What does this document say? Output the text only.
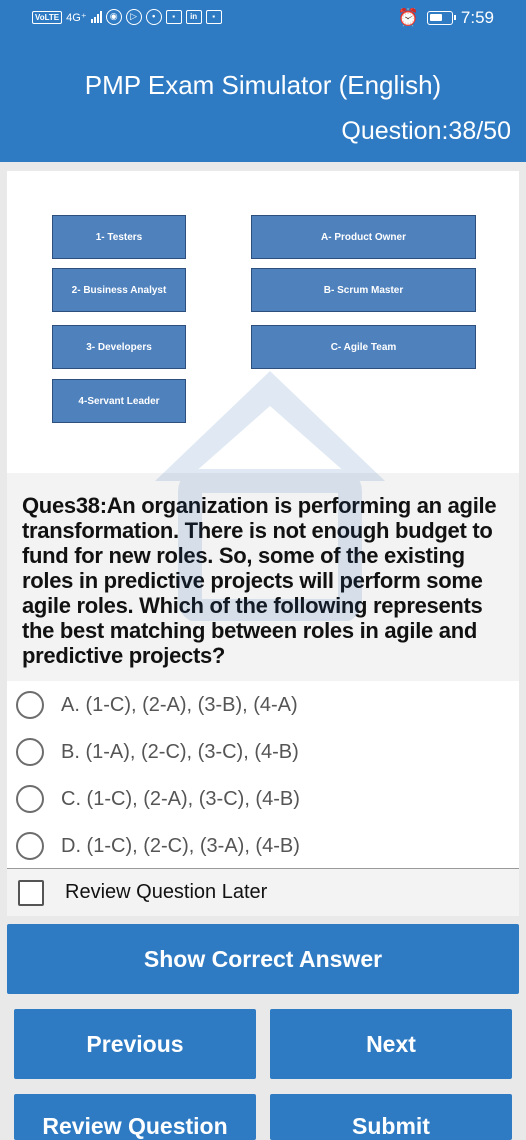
VoLTE 4G⁺	◉	▷	•	▪	in	▪	⏰ 7:59
PMP Exam Simulator (English)
Question:38/50
1- Testers
2- Business Analyst
3- Developers
4-Servant Leader
A- Product Owner
B- Scrum Master
C- Agile Team
Ques38:An organization is performing an agile transformation. There is not enough budget to fund for new roles. So, some of the existing roles in predictive projects will perform some agile roles. Which of the following represents the best matching between roles in agile and predictive projects?
A. (1-C), (2-A), (3-B), (4-A)
B. (1-A), (2-C), (3-C), (4-B)
C. (1-C), (2-A), (3-C), (4-B)
D. (1-C), (2-C), (3-A), (4-B)
Review Question Later
Show Correct Answer
Previous	Next
Review Question	Submit
